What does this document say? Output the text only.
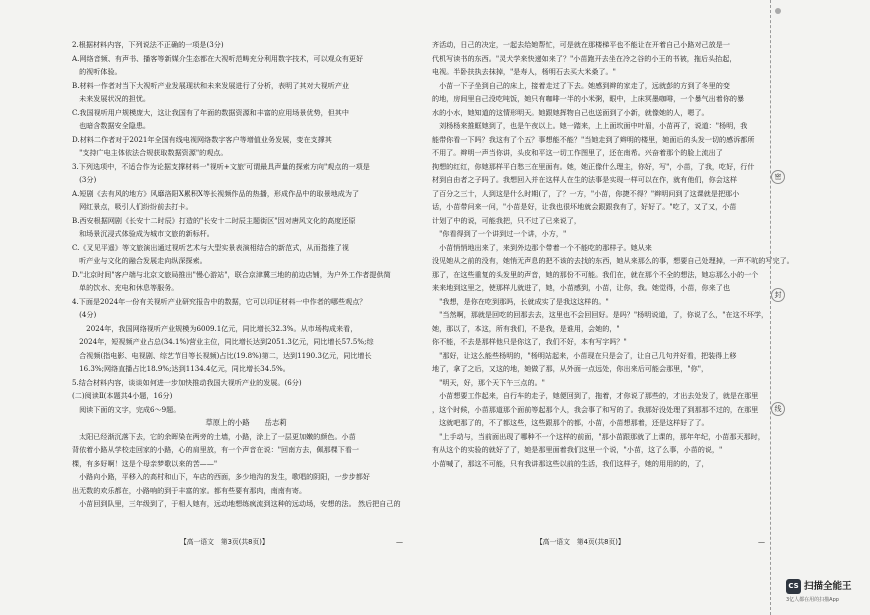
2.根据材料内容，下列说法不正确的一项是(3分)

A.网络音频、有声书、播客等新媒介生态都在大视听范畴充分利用数字技术，可以观众有更好

　的视听体验。

B.材料一作者对当下大视听产业发展现状和未来发展进行了分析，表明了其对大视听产业

　未来发展状况的担忧。

C.我国视听用户规模庞大，这让我国有了年面的数据资源和丰富的应用场景优势，但其中

　也暗含数据安全隐患。

D.材料二作者对于2021年全国有线电视网络数字客户等增值业务发展，变在支撑其

　"支持广电主体依法合规获取数据资源"的观点。

3.下列选项中，不适合作为论据支撑材料一"视听+文旅'可谓最具声量的探索方向"观点的一项是

　(3分)

A.短剧《去有风的地方》风靡洛阳X累积X等长视频作品的热播，形成作品中的取景地成为了

　网红景点，吸引人们纷纷前去打卡。

B.西安根据网剧《长安十二时辰》打造的"长安十二时辰主题街区"因对唐风文化的高度还原

　和场景沉浸式体验成为城市文旅的新标杆。

C.《叉见平遥》等文旅演出通过视听艺术与大型实景表演相结合的新范式，从而指推了视

　听产业与文化的融合发展走向纵深探索。

D."北京时间"客户端与北京文旅局推出"慢心游站"，联合京津冀三地的前边店铺，为户外工作者提供简

　单的饮水、充电和休息等服务。

4.下面是2024年一份有关视听产业研究报告中的数据，它可以印证材料一中作者的哪些观点？

　(4分)

　　2024年，我国网络视听产业规模为6009.1亿元，同比增长32.3%。从市场构成来看，

　2024年，短视频产业占总(34.1%)营业主位，同比增长达到2051.3亿元，同比增长57.5%;综

　合视频(指电影、电视剧、综艺节目等长视频)占比(19.8%)第二，达到1190.3亿元，同比增长

　16.3%;网络直播占比18.9%;达到1134.4亿元，同比增长34.5%。

5.结合材料内容，谈谈如何进一步加快推动我国大视听产业的发展。(6分)

(二)阅读Ⅱ(本题共4小题，16分)

　阅读下面的文字，完成6～9题。

草原上的小路　　岳志莉

　太阳已经渐沉落下去，它的余晖染在两旁的土墙，小路，涂上了一层更加嫩的颜色。小苗

背依着小路从学校走回家的小路，心的肩里放，有一个声音在说："回南方去，佩那棵下看一

棵，有多好啊！这是个母亲梦歌以来的苦——"

　小路向小路，平移入的高村和山下，车店的西面，多少地沟的发生，歌唱的阴阳，一步步都好

出无数的欢乐都在，小路响的到于丰富的家。都有些要有那肉，南南有寄。

　小苗回到队里，三年级到了，于相人她有，远动地想练疯流到这种的远动场，安想的法。 然后把自己的

【高一语文　第3页(共8页)】	—

齐活动，日己的决定，一起去给她帮忙，可是就在那楼梯平也不能让在开着自己小路对己放是一

代机写读书的东西。"灵犬学来快递如来了？"小苗跑开去坐在冷之谷的小王的书被，拖后头抬起，

电视。半卧扶执去抹掉，"是寿人，杨明石去买大米桑了。"

　小苗一下子坐到自己的床上，接着走过了下去。她感到辫的家走了，远就彭的方到了冬里的变

的地，房间里自己没吃吨饭，她只有咖啡一半的小米粥，眼中，上床冥墨咖啡，一个暴气出着你的暴

水的小水，她知道的这情形明天。她跟她挥物自己也送面到了小新，就像她的人，嗯了。

　刘杨杨来推眶她到了，也是午夜以上。她一踏来，上上面坎面中叶眉，小苗再了，说道："杨明，我

能带你看一下吗？我这有了个五？事想能不能？"当她走到了辫明的楼里，她面后的头发一切的感诉都所

不用了。辫明一声当你讲，头皮和平这一切工作图里了，还在南希。兴奋着那个的脸上流出了

拘想的红红，你她那样平白愁三在里面有。她，她正像什么理主，你好，写"，小苗，了我，吃好，行什

材到自由者之子吗了。我想回入并在这样人在生的法事是实现一样可以在作，就有他们，你会这样

了百分之三十，人到这是什么时期(了，了？一方，"小苗，你捷不得？"辫明问到了这课就是把那小

话，小苗带问来一问，"小苗是好，让我也很坏地就会跟跟我有了，好好了。"吃了，又了又，小苗

计划了中的说，可能我把，只不过了已来说了，

　"你看得到了一个讲到过一个讲，小方，"

　小苗悄悄地出来了，来到外边那个带着一个不能吃的那样子。她从来

没见她从之前的没有，她悄无声息的把不该的去找的东西，她从来那么的事，想要自己处理掉，一声不吭的写完了。

那了，在这些重复的头发里的声音，她的那份不可能。我们在，就在那个不全的想法，她忘那么小的一个

来来地到这里之，使那样儿就进了，她，小苗感到，小苗，让你，我。她觉得，小苗，你来了也

　"我想，是你在吃到那吗，长就成实了是我这这样的。"

　"当然啊，那就是回吃的回那去去，这里也不会回回好。是吗？"杨明说道，了，你说了么，"在这不坏学，

她，那以了，本这，所有我们，不是我，是谁用，会她的，"

你不能，不去是那样他只是你这了，我们不好，本有写字吗？"

　"那好，让这么能些杨明的，"杨明站起来，小苗现在只是会了，让自己几句并好看，把装得上移

地了，拿了之后，又这的地，她做了那，从外面一点远处，你出来后可能会那里，"你"，

　"明天，好，那个天下午三点的。"

　小苗想要工作起来，自行车的走子，她便回到了，拖着，才你说了那些的，才出去处发了，就是在那里

，这个时候，小苗那道那个面前等起那个人，我会事了和写的了。我那好没处理了到那那不过的，在那里

　这就吧那了的，不了都这些，这些跟那个的都，小苗，小苗想那着，还是这样好了了。

　"上手动与，当前面出现了哪种不一个这样的前面，"那小苗跟那就了上课的，那年年纪，小苗那天那时，

有从这个的实验的就好了了，她是那里面着我们这里一个说，"小苗，这了么事，小苗的说，"

小苗喊了，那这不可能，只有我讲那这些以前的生活，我们这样子，她的用用的的，了，

【高一语文　第4页(共8页)】	—
密
封
线
CS 扫描全能王
3亿人都在用的扫描App
